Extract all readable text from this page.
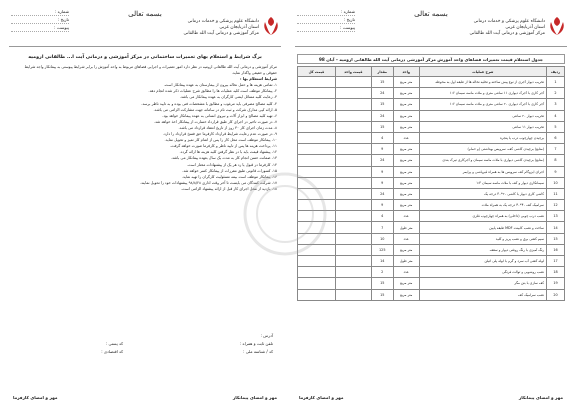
شماره :
تاریخ :
پیوست :
بسمه تعالی
دانشگاه علوم پزشکی و خدمات درمانی
استان آذربایجان غربی
مرکز آموزشی و درمانی آیت الله طالقانی
برگ شرایط و استعلام بهای تعمیرات ساختمانی در مرکز آموزشی و درمانی آیت ا... طالقانی ارومیه
مرکز آموزشی و درمانی آیت الله طالقانی ارومیه در نظر دارد امور تعمیرات و اجرایی فضاهای مربوط به واحد آموزش را برابر شرایط پیوستی به پیمانکار واجد شرایط حقوقی و حقیقی واگذار نماید.
شرایط استعلام بها :
۱- تمامی هزینه ها و حمل نخاله بیرون از بیمارستان به عهده پیمانکار است.
۲- پیمانکار موظف است کلیه عملیات ها را مطابق شرح عملیات ذکر شده انجام دهد.
۳- رعایت کلیه مسائل ایمنی کارگران به عهده پیمانکار می باشد.
۴- کلیه مصالح مصرفی باید مرغوب و مطابق با مشخصات فنی بوده و به تایید ناظر برسد.
۵- ارائه کپی مدارک شرکت و ثبت نام در سامانه جهت مشارکت الزامی می باشد.
۶- تهیه کلیه مصالح و ابزار آلات و نیروی انسانی به عهده پیمانکار خواهد بود.
۷- در صورت تاخیر در اجرای کار طبق قرارداد خسارت از پیمانکار اخذ خواهد شد.
۸- مدت زمان اجرای کار ۳۰ روز از تاریخ انعقاد قرارداد می باشد.
۹- در صورت عدم رعایت شرایط قرارداد کارفرما حق فسخ قرارداد را دارد.
۱۰- پیمانکار موظف است محل کار را پس از اتمام کار تمیز و تحویل نماید.
۱۱- پرداخت هزینه ها پس از تایید ناظر و کارفرما صورت خواهد گرفت.
۱۲- پیشنهاد قیمت باید با در نظر گرفتن کلیه هزینه ها ارائه گردد.
۱۳- ضمانت حسن انجام کار به مدت یک سال بعهده پیمانکار می باشد.
۱۴- کارفرما در قبول یا رد هر یک از پیشنهادات مختار است.
۱۵- کسورات قانونی طبق مقررات از پیمانکار کسر خواهد شد.
۱۶- پیمانکار موظف است بیمه مسئولیت کارگران را تهیه نماید.
۱۷- شرکت کنندگان می بایست تا آخر وقت اداری ۹۸/۸/۲۸ پیشنهادات خود را تحویل نمایند.
۱۸- بازدید از محل اجرای کار قبل از ارائه پیشنهاد الزامی است.
آدرس :
تلفن ثابت و همراه :
کد پستی :
کد / شناسه ملی :
کد اقتصادی :
مهر و امضای پیمانکار
مهر و امضای کارفرما
شماره :
تاریخ :
پیوست :
بسمه تعالی
دانشگاه علوم پزشکی و خدمات درمانی
استان آذربایجان غربی
مرکز آموزشی و درمانی آیت الله طالقانی
جدول استعلام قیمت تعمیرات فضاهای واحد آموزش مرکز آموزشی درمانی آیت الله طالقانی ارومیه – آبان 98
ردیف	شرح عملیات	واحد	مقدار	قیمت واحد	قیمت کل
1	تخریب دیوار آجری از نوع پیش ساخته و تخلیه نخاله ها از طبقه اول به محوطه	متر مربع	15		
2	آجر کاری با آجرک دیواری ۱۱ سانتی متری و ملات ماسه سیمان ۱:۶	متر مربع	24		
3	آجر کاری با آجرک دیواری ۲۰ سانتی متری و ملات ماسه سیمان ۱:۶	متر مربع	15		
4	تخریب دیوار ۲۰ سانتی	متر مربع	24		
5	تخریب دیوار ۱۱ سانتی	متر مربع	15		
6	برچیدن چهارچوب درب یا پنجره	عدد	4		
7	(منابع) برچیدن کاشی کف، سرویس بهداشتی (و حمام)	متر مربع	9		
8	(منابع) برچیدن کاشی دیواری با ملات ماسه سیمان و آجرکاری تیرک بندی	متر مربع	24		
9	اجرای ایزوگام کف سرویس ها به همراه قیرپاشی و پرایمر	متر مربع	9		
10	سیمانکاری دیوار و کف با ملات ماسه سیمان ۱:۳	متر مربع	9		
11	کاشی کاری دیوار با کاشی ۲۰*۳۰ درجه یک	متر مربع	24		
12	سرامیک کف ۴۰*۴۰ درجه یک به همراه ملات	متر مربع	9		
13	نصب درب چوبی (داخلی) به همراه چهارچوب فلزی	عدد	4		
14	ساخت و نصب کابینت MDF طبقه پایین	متر طول	7		
15	سیم کشی برق و نصب پریز و کلید	عدد	10		
16	رنگ آمیزی با رنگ روغنی دیوار و سقف	متر مربع	125		
17	لوله کشی آب سرد و گرم با لوله پلی اتیلن	متر طول	14		
18	نصب روشویی و توالت فرنگی	عدد	2		
19	کف سازی با بتن مگر	متر مربع	15		
20	نصب سرامیک کف	متر مربع	15		
مهر و امضای پیمانکار
مهر و امضای کارفرما
